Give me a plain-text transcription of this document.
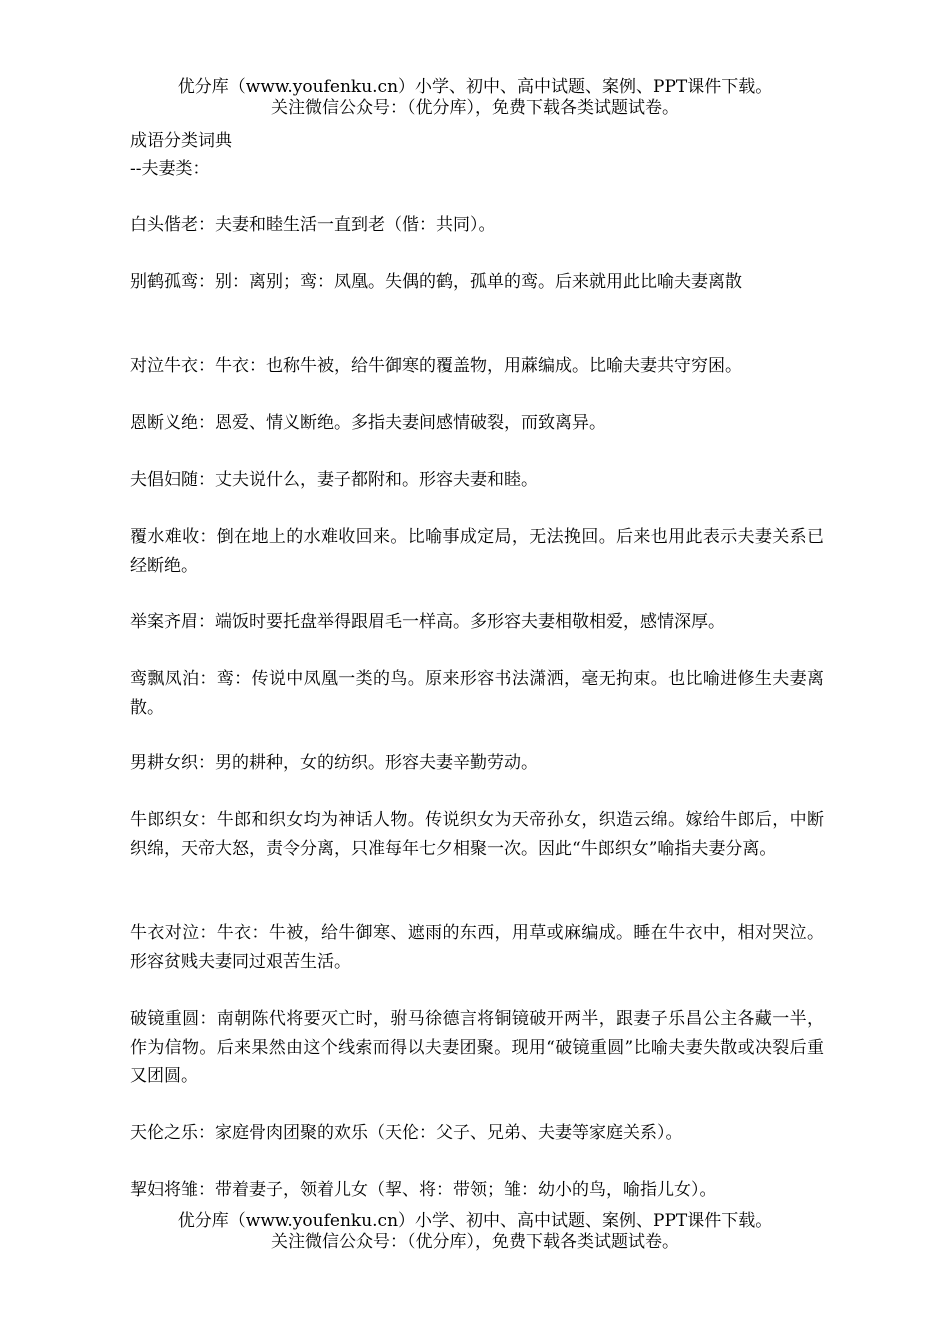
优分库（www.youfenku.cn）小学、初中、高中试题、案例、PPT课件下载。
关注微信公众号：（优分库），免费下载各类试题试卷。
成语分类词典
--夫妻类：
白头偕老：夫妻和睦生活一直到老（偕：共同）。
别鹤孤鸾：别：离别；鸾：凤凰。失偶的鹤，孤单的鸾。后来就用此比喻夫妻离散
对泣牛衣：牛衣：也称牛被，给牛御寒的覆盖物，用蔴编成。比喻夫妻共守穷困。
恩断义绝：恩爱、情义断绝。多指夫妻间感情破裂，而致离异。
夫倡妇随：丈夫说什么，妻子都附和。形容夫妻和睦。
覆水难收：倒在地上的水难收回来。比喻事成定局，无法挽回。后来也用此表示夫妻关系已经断绝。
举案齐眉：端饭时要托盘举得跟眉毛一样高。多形容夫妻相敬相爱，感情深厚。
鸾飘凤泊：鸾：传说中凤凰一类的鸟。原来形容书法潇洒，毫无拘束。也比喻进修生夫妻离散。
男耕女织：男的耕种，女的纺织。形容夫妻辛勤劳动。
牛郎织女：牛郎和织女均为神话人物。传说织女为天帝孙女，织造云绵。嫁给牛郎后，中断织绵，天帝大怒，责令分离，只准每年七夕相聚一次。因此“牛郎织女”喻指夫妻分离。
牛衣对泣：牛衣：牛被，给牛御寒、遮雨的东西，用草或麻编成。睡在牛衣中，相对哭泣。形容贫贱夫妻同过艰苦生活。
破镜重圆：南朝陈代将要灭亡时，驸马徐德言将铜镜破开两半，跟妻子乐昌公主各藏一半，作为信物。后来果然由这个线索而得以夫妻团聚。现用“破镜重圆”比喻夫妻失散或决裂后重又团圆。
天伦之乐：家庭骨肉团聚的欢乐（天伦：父子、兄弟、夫妻等家庭关系）。
挈妇将雏：带着妻子，领着儿女（挈、将：带领；雏：幼小的鸟，喻指儿女）。
优分库（www.youfenku.cn）小学、初中、高中试题、案例、PPT课件下载。
关注微信公众号：（优分库），免费下载各类试题试卷。
